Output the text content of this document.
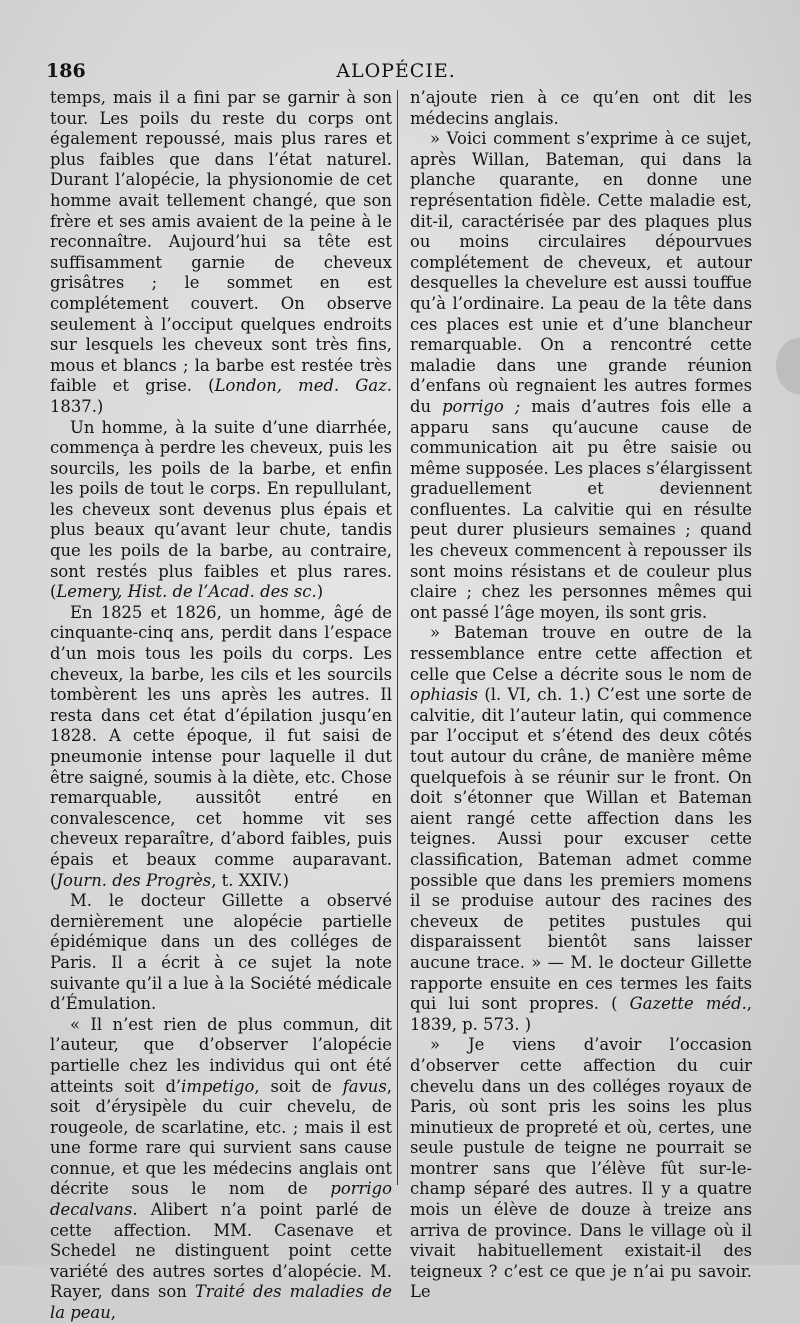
186	ALOPÉCIE.

temps, mais il a fini par se garnir à son tour. Les poils du reste du corps ont également repoussé, mais plus rares et plus faibles que dans l’état naturel. Durant l’alopécie, la physionomie de cet homme avait tellement changé, que son frère et ses amis avaient de la peine à le reconnaître. Aujourd’hui sa tête est suffisamment garnie de cheveux grisâtres ; le sommet en est complétement couvert. On observe seulement à l’occiput quelques endroits sur lesquels les cheveux sont très fins, mous et blancs ; la barbe est restée très faible et grise. (London, med. Gaz. 1837.)

Un homme, à la suite d’une diarrhée, commença à perdre les cheveux, puis les sourcils, les poils de la barbe, et enfin les poils de tout le corps. En repullulant, les cheveux sont devenus plus épais et plus beaux qu’avant leur chute, tandis que les poils de la barbe, au contraire, sont restés plus faibles et plus rares. (Lemery, Hist. de l’Acad. des sc.)

En 1825 et 1826, un homme, âgé de cinquante-cinq ans, perdit dans l’espace d’un mois tous les poils du corps. Les cheveux, la barbe, les cils et les sourcils tombèrent les uns après les autres. Il resta dans cet état d’épilation jusqu’en 1828. A cette époque, il fut saisi de pneumonie intense pour laquelle il dut être saigné, soumis à la diète, etc. Chose remarquable, aussitôt entré en convalescence, cet homme vit ses cheveux reparaître, d’abord faibles, puis épais et beaux comme auparavant. (Journ. des Progrès, t. XXIV.)

M. le docteur Gillette a observé dernièrement une alopécie partielle épidémique dans un des colléges de Paris. Il a écrit à ce sujet la note suivante qu’il a lue à la Société médicale d’Émulation.

« Il n’est rien de plus commun, dit l’auteur, que d’observer l’alopécie partielle chez les individus qui ont été atteints soit d’impetigo, soit de favus, soit d’érysipèle du cuir chevelu, de rougeole, de scarlatine, etc. ; mais il est une forme rare qui survient sans cause connue, et que les médecins anglais ont décrite sous le nom de porrigo decalvans. Alibert n’a point parlé de cette affection. MM. Casenave et Schedel ne distinguent point cette variété des autres sortes d’alopécie. M. Rayer, dans son Traité des maladies de la peau,

n’ajoute rien à ce qu’en ont dit les médecins anglais.

» Voici comment s’exprime à ce sujet, après Willan, Bateman, qui dans la planche quarante, en donne une représentation fidèle. Cette maladie est, dit-il, caractérisée par des plaques plus ou moins circulaires dépourvues complétement de cheveux, et autour desquelles la chevelure est aussi touffue qu’à l’ordinaire. La peau de la tête dans ces places est unie et d’une blancheur remarquable. On a rencontré cette maladie dans une grande réunion d’enfans où regnaient les autres formes du porrigo ; mais d’autres fois elle a apparu sans qu’aucune cause de communication ait pu être saisie ou même supposée. Les places s’élargissent graduellement et deviennent confluentes. La calvitie qui en résulte peut durer plusieurs semaines ; quand les cheveux commencent à repousser ils sont moins résistans et de couleur plus claire ; chez les personnes mêmes qui ont passé l’âge moyen, ils sont gris.

» Bateman trouve en outre de la ressemblance entre cette affection et celle que Celse a décrite sous le nom de ophiasis (l. VI, ch. 1.) C’est une sorte de calvitie, dit l’auteur latin, qui commence par l’occiput et s’étend des deux côtés tout autour du crâne, de manière même quelquefois à se réunir sur le front. On doit s’étonner que Willan et Bateman aient rangé cette affection dans les teignes. Aussi pour excuser cette classification, Bateman admet comme possible que dans les premiers momens il se produise autour des racines des cheveux de petites pustules qui disparaissent bientôt sans laisser aucune trace. » — M. le docteur Gillette rapporte ensuite en ces termes les faits qui lui sont propres. ( Gazette méd., 1839, p. 573. )

» Je viens d’avoir l’occasion d’observer cette affection du cuir chevelu dans un des colléges royaux de Paris, où sont pris les soins les plus minutieux de propreté et où, certes, une seule pustule de teigne ne pourrait se montrer sans que l’élève fût sur-le-champ séparé des autres. Il y a quatre mois un élève de douze à treize ans arriva de province. Dans le village où il vivait habituellement existait-il des teigneux ? c’est ce que je n’ai pu savoir. Le
